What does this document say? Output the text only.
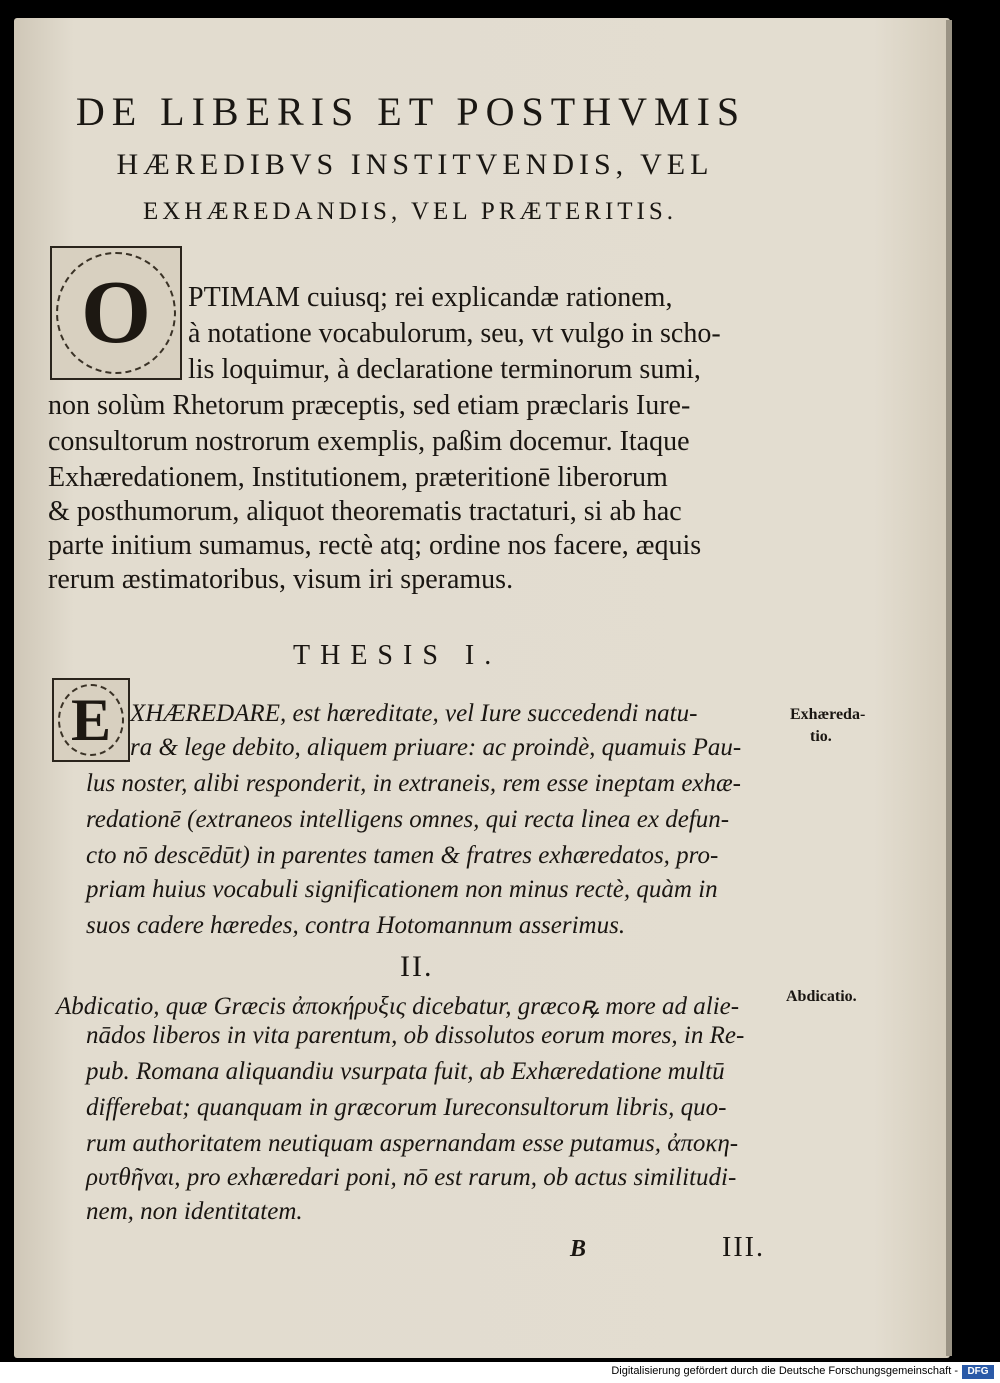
DE LIBERIS ET POSTHVMIS
HÆREDIBVS INSTITVENDIS, VEL
EXHÆREDANDIS, VEL PRÆTERITIS.
O	PTIMAM cuiusq; rei explicandæ rationem,
à notatione vocabulorum, seu, vt vulgo in scho-
lis loquimur, à declaratione terminorum sumi,
non solùm Rhetorum præceptis, sed etiam præclaris Iure-
consultorum nostrorum exemplis, paßim docemur. Itaque
Exhæredationem, Institutionem, præteritionē liberorum
& posthumorum, aliquot theorematis tractaturi, si ab hac
parte initium sumamus, rectè atq; ordine nos facere, æquis
rerum æstimatoribus, visum iri speramus.
THESIS I.
E	Exhæreda-
tio.
XHÆREDARE, est hæreditate, vel Iure succedendi natu-
ra & lege debito, aliquem priuare: ac proindè, quamuis Pau-
lus noster, alibi responderit, in extraneis, rem esse ineptam exhæ-
redationē (extraneos intelligens omnes, qui recta linea ex defun-
cto nō descēdūt) in parentes tamen & fratres exhæredatos, pro-
priam huius vocabuli significationem non minus rectè, quàm in
suos cadere hæredes, contra Hotomannum asserimus.
II.
Abdicatio.
Abdicatio, quæ Græcis ἀποκήρυξις dicebatur, græcoꝶ more ad alie-
nādos liberos in vita parentum, ob dissolutos eorum mores, in Re-
pub. Romana aliquandiu vsurpata fuit, ab Exhæredatione multū
differebat; quanquam in græcorum Iureconsultorum libris, quo-
rum authoritatem neutiquam aspernandam esse putamus, ἀποκη-
ρυτθῆναι, pro exhæredari poni, nō est rarum, ob actus similitudi-
nem, non identitatem.
B	III.
Digitalisierung gefördert durch die Deutsche Forschungsgemeinschaft - DFG
